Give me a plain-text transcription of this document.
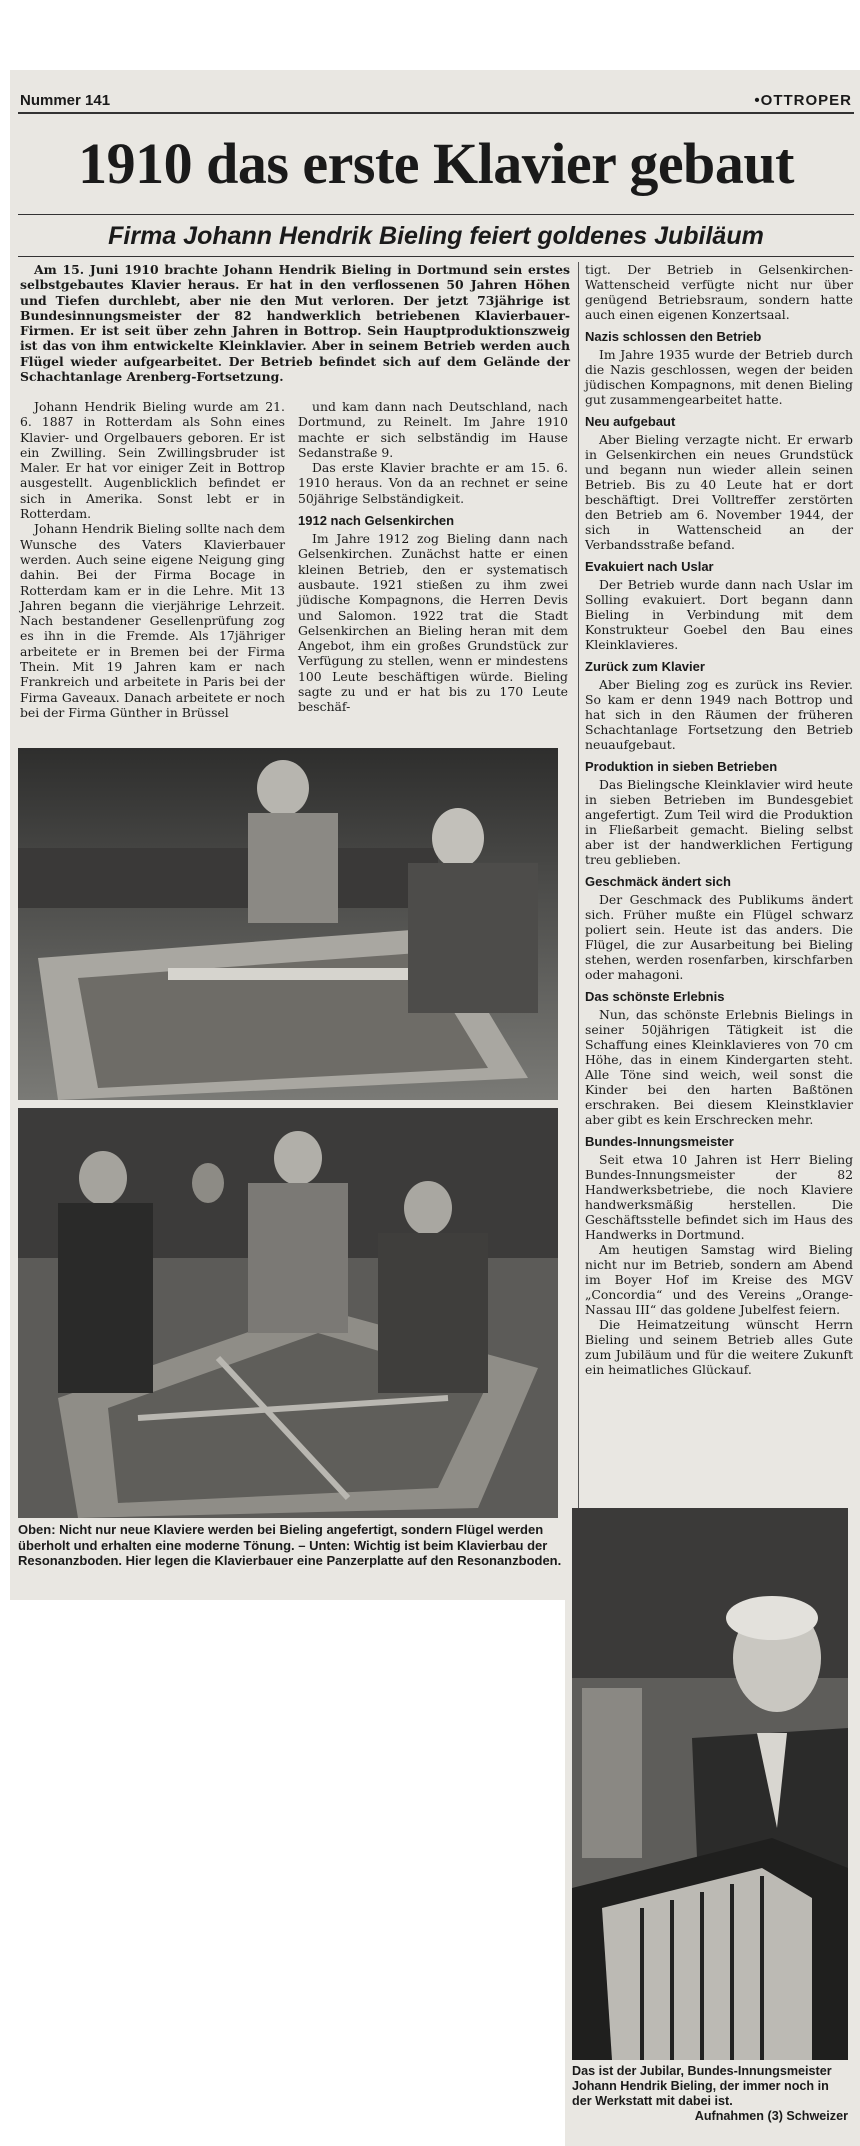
Nummer 141	•OTTROPER
1910 das erste Klavier gebaut
Firma Johann Hendrik Bieling feiert goldenes Jubiläum

Am 15. Juni 1910 brachte Johann Hendrik Bieling in Dortmund sein erstes selbstgebautes Klavier heraus. Er hat in den verflossenen 50 Jahren Höhen und Tiefen durchlebt, aber nie den Mut verloren. Der jetzt 73jährige ist Bundesinnungsmeister der 82 handwerklich betriebenen Klavierbauer-Firmen. Er ist seit über zehn Jahren in Bottrop. Sein Hauptproduktionszweig ist das von ihm entwickelte Kleinklavier. Aber in seinem Betrieb werden auch Flügel wieder aufgearbeitet. Der Betrieb befindet sich auf dem Gelände der Schachtanlage Arenberg-Fortsetzung.

Johann Hendrik Bieling wurde am 21. 6. 1887 in Rotterdam als Sohn eines Klavier- und Orgelbauers geboren. Er ist ein Zwilling. Sein Zwillingsbruder ist Maler. Er hat vor einiger Zeit in Bottrop ausgestellt. Augenblicklich befindet er sich in Amerika. Sonst lebt er in Rotterdam.

Johann Hendrik Bieling sollte nach dem Wunsche des Vaters Klavierbauer werden. Auch seine eigene Neigung ging dahin. Bei der Firma Bocage in Rotterdam kam er in die Lehre. Mit 13 Jahren begann die vierjährige Lehrzeit. Nach bestandener Gesellenprüfung zog es ihn in die Fremde. Als 17jähriger arbeitete er in Bremen bei der Firma Thein. Mit 19 Jahren kam er nach Frankreich und arbeitete in Paris bei der Firma Gaveaux. Danach arbeitete er noch bei der Firma Günther in Brüssel

und kam dann nach Deutschland, nach Dortmund, zu Reinelt. Im Jahre 1910 machte er sich selbständig im Hause Sedanstraße 9.

Das erste Klavier brachte er am 15. 6. 1910 heraus. Von da an rechnet er seine 50jährige Selbständigkeit.

1912 nach Gelsenkirchen

Im Jahre 1912 zog Bieling dann nach Gelsenkirchen. Zunächst hatte er einen kleinen Betrieb, den er systematisch ausbaute. 1921 stießen zu ihm zwei jüdische Kompagnons, die Herren Devis und Salomon. 1922 trat die Stadt Gelsenkirchen an Bieling heran mit dem Angebot, ihm ein großes Grundstück zur Verfügung zu stellen, wenn er mindestens 100 Leute beschäftigen würde. Bieling sagte zu und er hat bis zu 170 Leute beschäf-

tigt. Der Betrieb in Gelsenkirchen-Wattenscheid verfügte nicht nur über genügend Betriebsraum, sondern hatte auch einen eigenen Konzertsaal.

Nazis schlossen den Betrieb

Im Jahre 1935 wurde der Betrieb durch die Nazis geschlossen, wegen der beiden jüdischen Kompagnons, mit denen Bieling gut zusammengearbeitet hatte.

Neu aufgebaut

Aber Bieling verzagte nicht. Er erwarb in Gelsenkirchen ein neues Grundstück und begann nun wieder allein seinen Betrieb. Bis zu 40 Leute hat er dort beschäftigt. Drei Volltreffer zerstörten den Betrieb am 6. November 1944, der sich in Wattenscheid an der Verbandsstraße befand.

Evakuiert nach Uslar

Der Betrieb wurde dann nach Uslar im Solling evakuiert. Dort begann dann Bieling in Verbindung mit dem Konstrukteur Goebel den Bau eines Kleinklavieres.

Zurück zum Klavier

Aber Bieling zog es zurück ins Revier. So kam er denn 1949 nach Bottrop und hat sich in den Räumen der früheren Schachtanlage Fortsetzung den Betrieb neuaufgebaut.

Produktion in sieben Betrieben

Das Bielingsche Kleinklavier wird heute in sieben Betrieben im Bundesgebiet angefertigt. Zum Teil wird die Produktion in Fließarbeit gemacht. Bieling selbst aber ist der handwerklichen Fertigung treu geblieben.

Geschmäck ändert sich

Der Geschmack des Publikums ändert sich. Früher mußte ein Flügel schwarz poliert sein. Heute ist das anders. Die Flügel, die zur Ausarbeitung bei Bieling stehen, werden rosenfarben, kirschfarben oder mahagoni.

Das schönste Erlebnis

Nun, das schönste Erlebnis Bielings in seiner 50jährigen Tätigkeit ist die Schaffung eines Kleinklavieres von 70 cm Höhe, das in einem Kindergarten steht. Alle Töne sind weich, weil sonst die Kinder bei den harten Baßtönen erschraken. Bei diesem Kleinstklavier aber gibt es kein Erschrecken mehr.

Bundes-Innungsmeister

Seit etwa 10 Jahren ist Herr Bieling Bundes-Innungsmeister der 82 Handwerksbetriebe, die noch Klaviere handwerksmäßig herstellen. Die Geschäftsstelle befindet sich im Haus des Handwerks in Dortmund.

Am heutigen Samstag wird Bieling nicht nur im Betrieb, sondern am Abend im Boyer Hof im Kreise des MGV „Concordia“ und des Vereins „Orange-Nassau III“ das goldene Jubelfest feiern.

Die Heimatzeitung wünscht Herrn Bieling und seinem Betrieb alles Gute zum Jubiläum und für die weitere Zukunft ein heimatliches Glückauf.

Oben: Nicht nur neue Klaviere werden bei Bieling angefertigt, sondern Flügel werden überholt und erhalten eine moderne Tönung. – Unten: Wichtig ist beim Klavierbau der Resonanzboden. Hier legen die Klavierbauer eine Panzerplatte auf den Resonanzboden.
Das ist der Jubilar, Bundes-Innungsmeister Johann Hendrik Bieling, der immer noch in der Werkstatt mit dabei ist.
Aufnahmen (3) Schweizer
